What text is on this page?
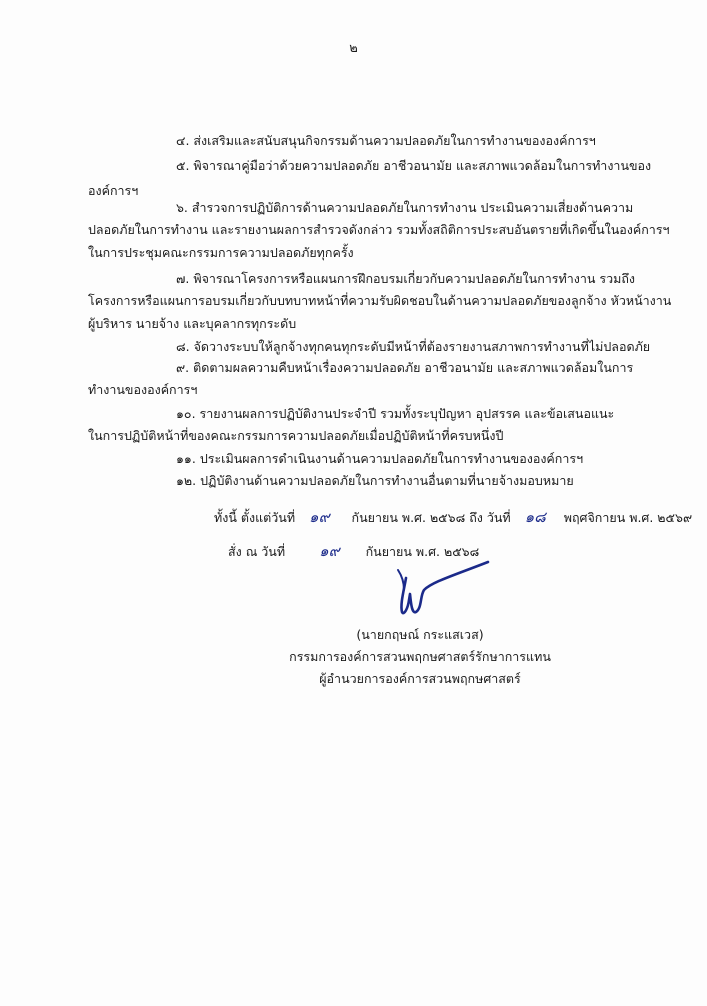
๒
๔. ส่งเสริมและสนับสนุนกิจกรรมด้านความปลอดภัยในการทำงานขององค์การฯ
๕. พิจารณาคู่มือว่าด้วยความปลอดภัย อาชีวอนามัย และสภาพแวดล้อมในการทำงานของ
องค์การฯ
๖. สำรวจการปฏิบัติการด้านความปลอดภัยในการทำงาน ประเมินความเสี่ยงด้านความ
ปลอดภัยในการทำงาน และรายงานผลการสำรวจดังกล่าว รวมทั้งสถิติการประสบอันตรายที่เกิดขึ้นในองค์การฯ
ในการประชุมคณะกรรมการความปลอดภัยทุกครั้ง
๗. พิจารณาโครงการหรือแผนการฝึกอบรมเกี่ยวกับความปลอดภัยในการทำงาน รวมถึง
โครงการหรือแผนการอบรมเกี่ยวกับบทบาทหน้าที่ความรับผิดชอบในด้านความปลอดภัยของลูกจ้าง หัวหน้างาน
ผู้บริหาร นายจ้าง และบุคลากรทุกระดับ
๘. จัดวางระบบให้ลูกจ้างทุกคนทุกระดับมีหน้าที่ต้องรายงานสภาพการทำงานที่ไม่ปลอดภัย
๙. ติดตามผลความคืบหน้าเรื่องความปลอดภัย อาชีวอนามัย และสภาพแวดล้อมในการ
ทำงานขององค์การฯ
๑๐. รายงานผลการปฏิบัติงานประจำปี รวมทั้งระบุปัญหา อุปสรรค และข้อเสนอแนะ
ในการปฏิบัติหน้าที่ของคณะกรรมการความปลอดภัยเมื่อปฏิบัติหน้าที่ครบหนึ่งปี
๑๑. ประเมินผลการดำเนินงานด้านความปลอดภัยในการทำงานขององค์การฯ
๑๒. ปฏิบัติงานด้านความปลอดภัยในการทำงานอื่นตามที่นายจ้างมอบหมาย
ทั้งนี้ ตั้งแต่วันที่ ๑๙ กันยายน พ.ศ. ๒๕๖๘ ถึง วันที่ ๑๘ พฤศจิกายน พ.ศ. ๒๕๖๙
สั่ง ณ วันที่ ๑๙ กันยายน พ.ศ. ๒๕๖๘
(นายกฤษณ์ กระแสเวส)
กรรมการองค์การสวนพฤกษศาสตร์รักษาการแทน
ผู้อำนวยการองค์การสวนพฤกษศาสตร์
